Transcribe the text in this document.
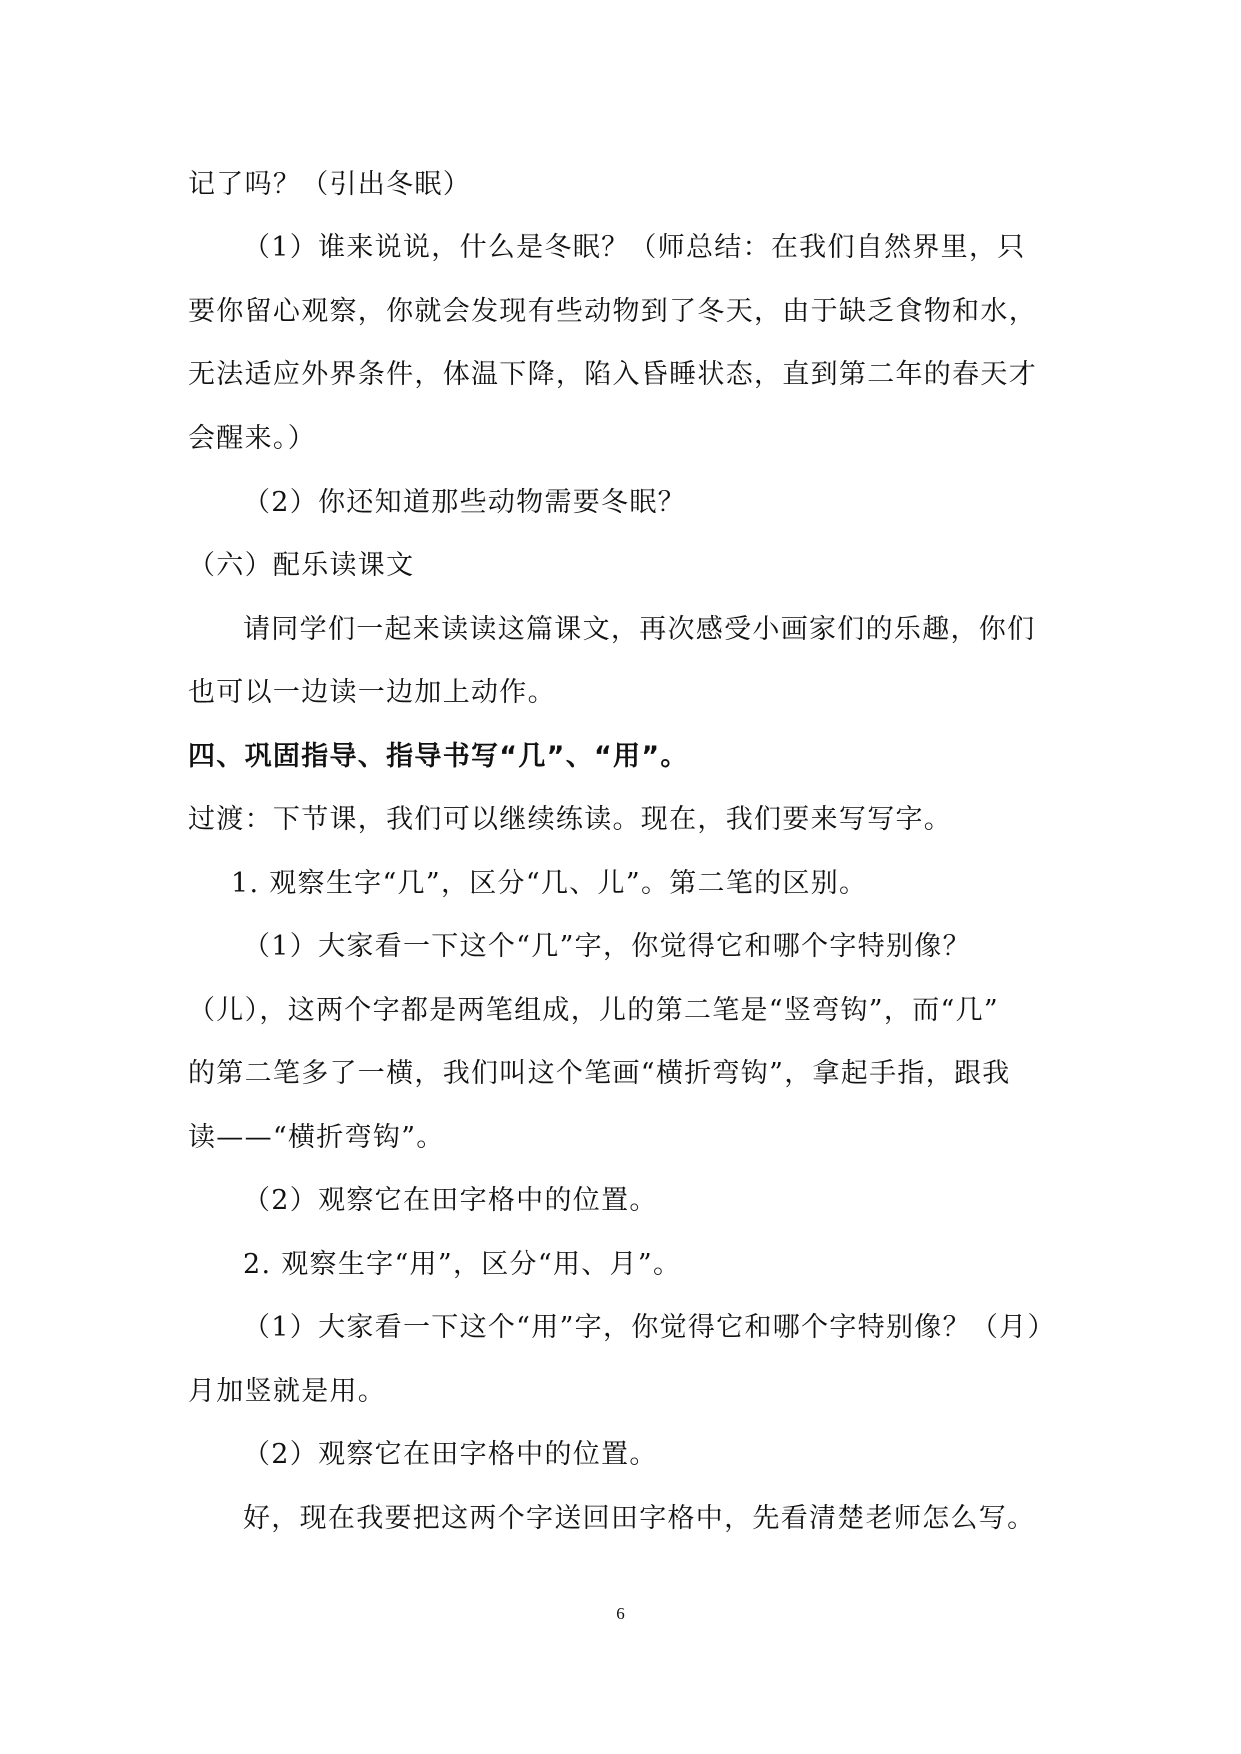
记了吗？（引出冬眠）
（1）谁来说说，什么是冬眠？（师总结：在我们自然界里，只
要你留心观察，你就会发现有些动物到了冬天，由于缺乏食物和水，
无法适应外界条件，体温下降，陷入昏睡状态，直到第二年的春天才
会醒来。）
（2）你还知道那些动物需要冬眠？
（六）配乐读课文
请同学们一起来读读这篇课文，再次感受小画家们的乐趣，你们
也可以一边读一边加上动作。
四、巩固指导、指导书写“几”、“用”。
过渡：下节课，我们可以继续练读。现在，我们要来写写字。
1. 观察生字“几”，区分“几、儿”。第二笔的区别。
（1）大家看一下这个“几”字，你觉得它和哪个字特别像？
（儿），这两个字都是两笔组成，儿的第二笔是“竖弯钩”，而“几”
的第二笔多了一横，我们叫这个笔画“横折弯钩”，拿起手指，跟我
读——“横折弯钩”。
（2）观察它在田字格中的位置。
2. 观察生字“用”，区分“用、月”。
（1）大家看一下这个“用”字，你觉得它和哪个字特别像？（月）
月加竖就是用。
（2）观察它在田字格中的位置。
好，现在我要把这两个字送回田字格中，先看清楚老师怎么写。
6
